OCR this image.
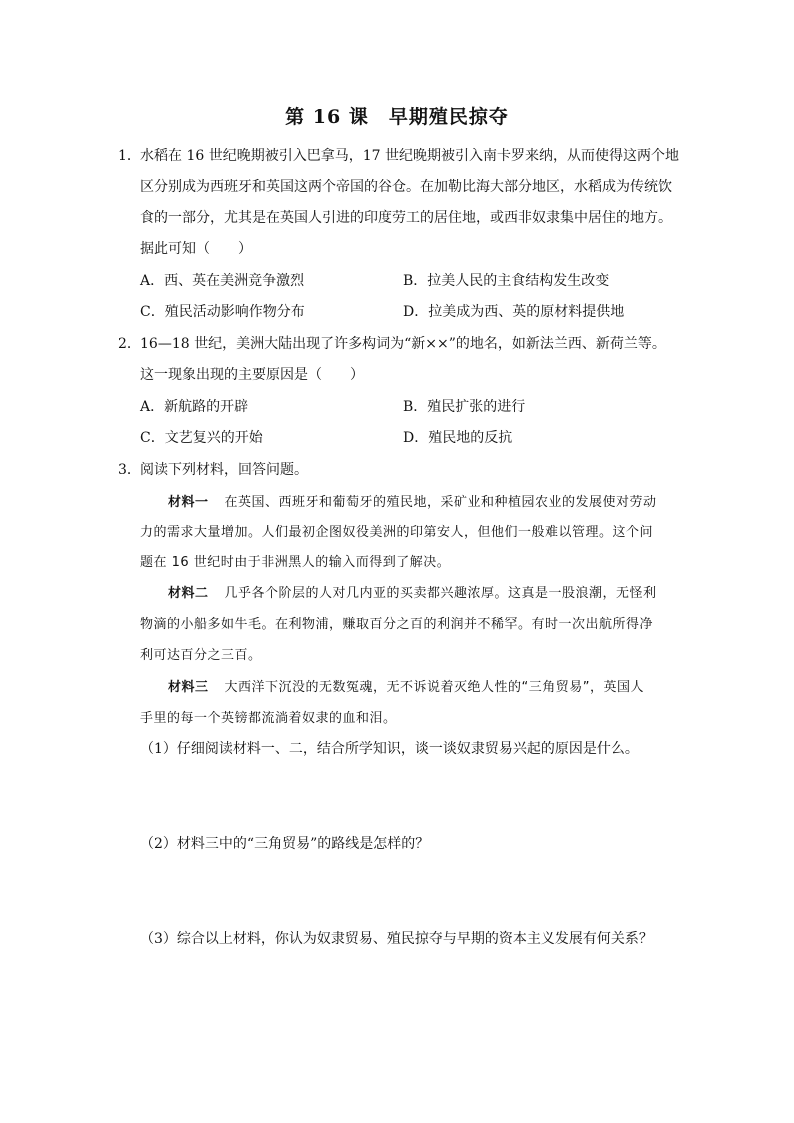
第 16 课　早期殖民掠夺
1． 水稻在 16 世纪晚期被引入巴拿马，17 世纪晚期被引入南卡罗来纳，从而使得这两个地
区分别成为西班牙和英国这两个帝国的谷仓。在加勒比海大部分地区，水稻成为传统饮
食的一部分，尤其是在英国人引进的印度劳工的居住地，或西非奴隶集中居住的地方。
据此可知（　　）
A．西、英在美洲竞争激烈	B．拉美人民的主食结构发生改变
C．殖民活动影响作物分布	D．拉美成为西、英的原材料提供地
2． 16—18 世纪，美洲大陆出现了许多构词为“新××”的地名，如新法兰西、新荷兰等。
这一现象出现的主要原因是（　　）
A．新航路的开辟	B．殖民扩张的进行
C．文艺复兴的开始	D．殖民地的反抗
3． 阅读下列材料，回答问题。
材料一 在英国、西班牙和葡萄牙的殖民地，采矿业和种植园农业的发展使对劳动
力的需求大量增加。人们最初企图奴役美洲的印第安人，但他们一般难以管理。这个问
题在 16 世纪时由于非洲黑人的输入而得到了解决。
材料二 几乎各个阶层的人对几内亚的买卖都兴趣浓厚。这真是一股浪潮，无怪利
物滴的小船多如牛毛。在利物浦，赚取百分之百的利润并不稀罕。有时一次出航所得净
利可达百分之三百。
材料三 大西洋下沉没的无数冤魂，无不诉说着灭绝人性的“三角贸易”，英国人
手里的每一个英镑都流淌着奴隶的血和泪。
（1）仔细阅读材料一、二，结合所学知识，谈一谈奴隶贸易兴起的原因是什么。
（2）材料三中的“三角贸易”的路线是怎样的？
（3）综合以上材料，你认为奴隶贸易、殖民掠夺与早期的资本主义发展有何关系？
